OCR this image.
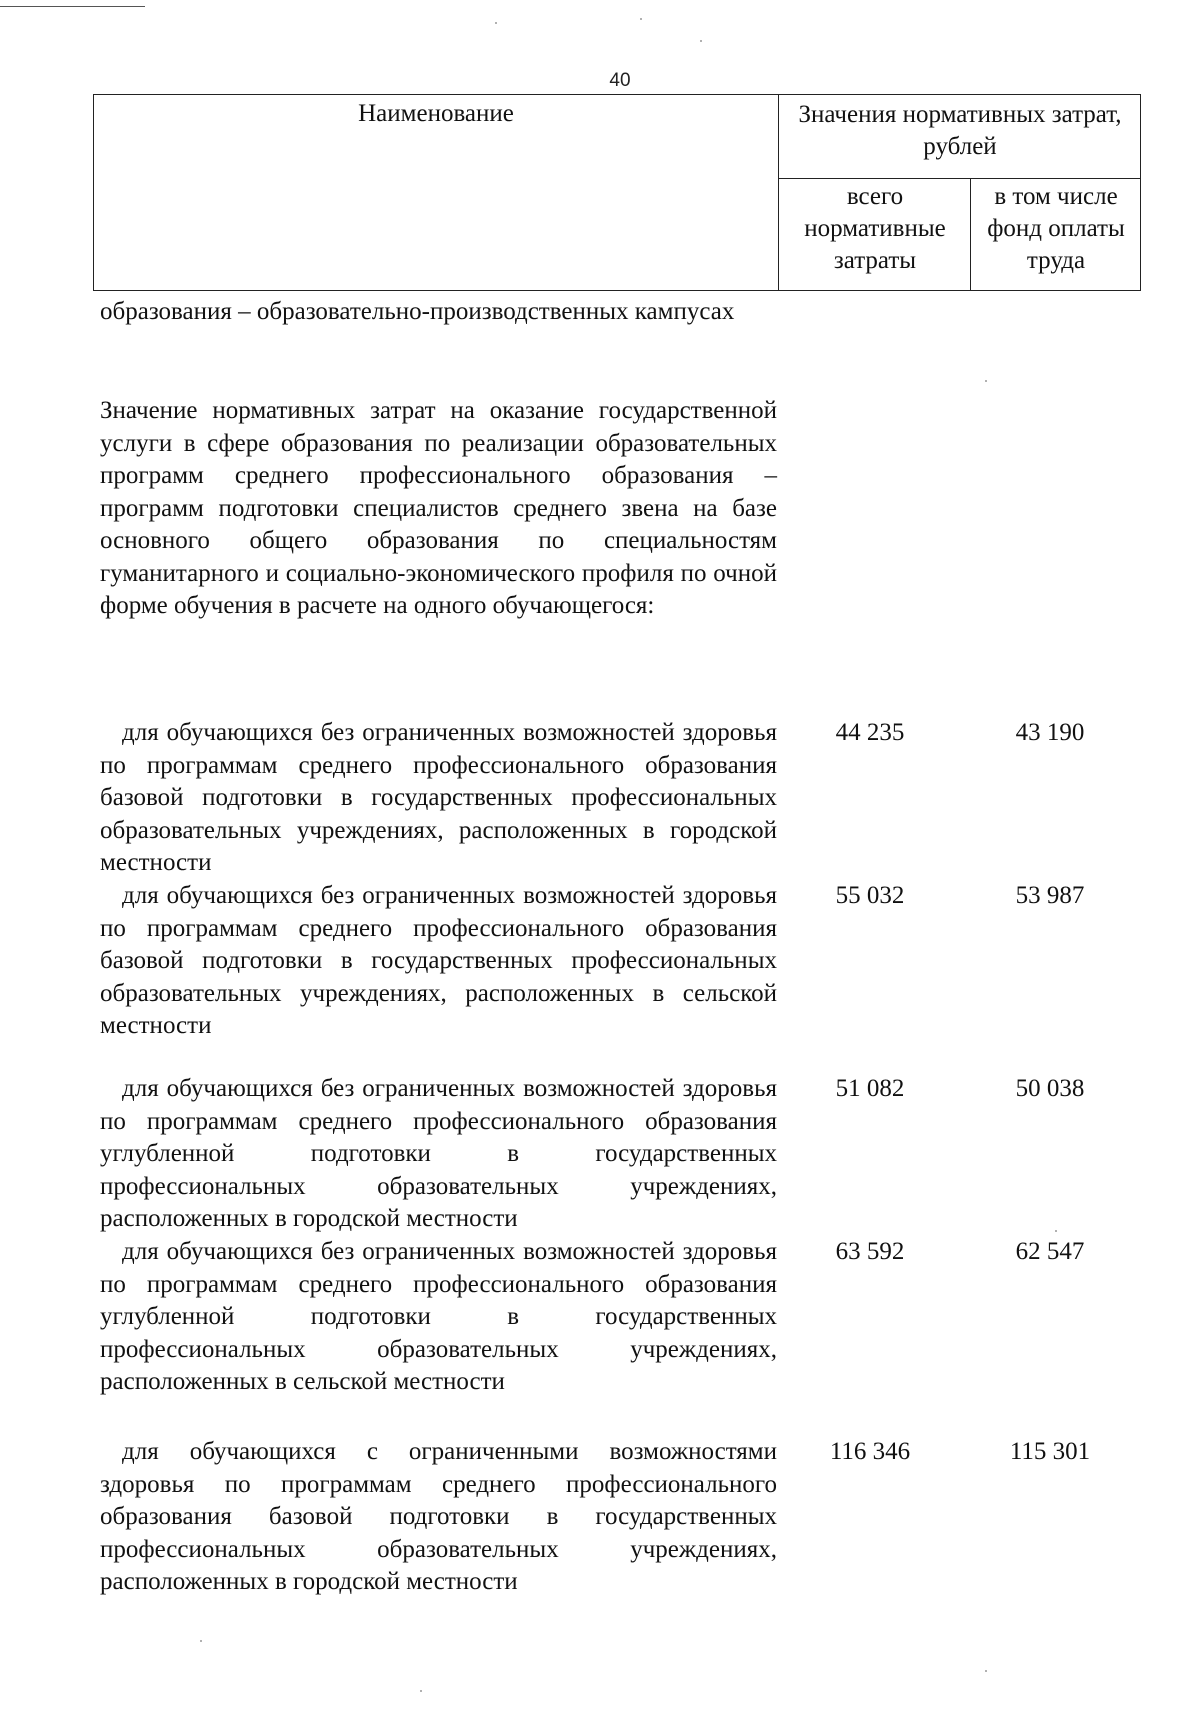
40
Наименование	Значения нормативных затрат, рублей
всего нормативные затраты
в том числе фонд оплаты труда
образования – образовательно-производственных кампусах
Значение нормативных затрат на оказание государственной услуги в сфере образования по реализации образовательных программ среднего профессионального образования – программ подготовки специалистов среднего звена на базе основного общего образования по специальностям гуманитарного и социально-экономического профиля по очной форме обучения в расчете на одного обучающегося:
для обучающихся без ограниченных возможностей здоровья по программам среднего профессионального образования базовой подготовки в государственных профессиональных образовательных учреждениях, расположенных в городской местности
44 235	43 190
для обучающихся без ограниченных возможностей здоровья по программам среднего профессионального образования базовой подготовки в государственных профессиональных образовательных учреждениях, расположенных в сельской местности
55 032	53 987
для обучающихся без ограниченных возможностей здоровья по программам среднего профессионального образования углубленной подготовки в государственных профессиональных образовательных учреждениях, расположенных в городской местности
51 082	50 038
для обучающихся без ограниченных возможностей здоровья по программам среднего профессионального образования углубленной подготовки в государственных профессиональных образовательных учреждениях, расположенных в сельской местности
63 592	62 547
для обучающихся с ограниченными возможностями здоровья по программам среднего профессионального образования базовой подготовки в государственных профессиональных образовательных учреждениях, расположенных в городской местности
116 346	115 301
